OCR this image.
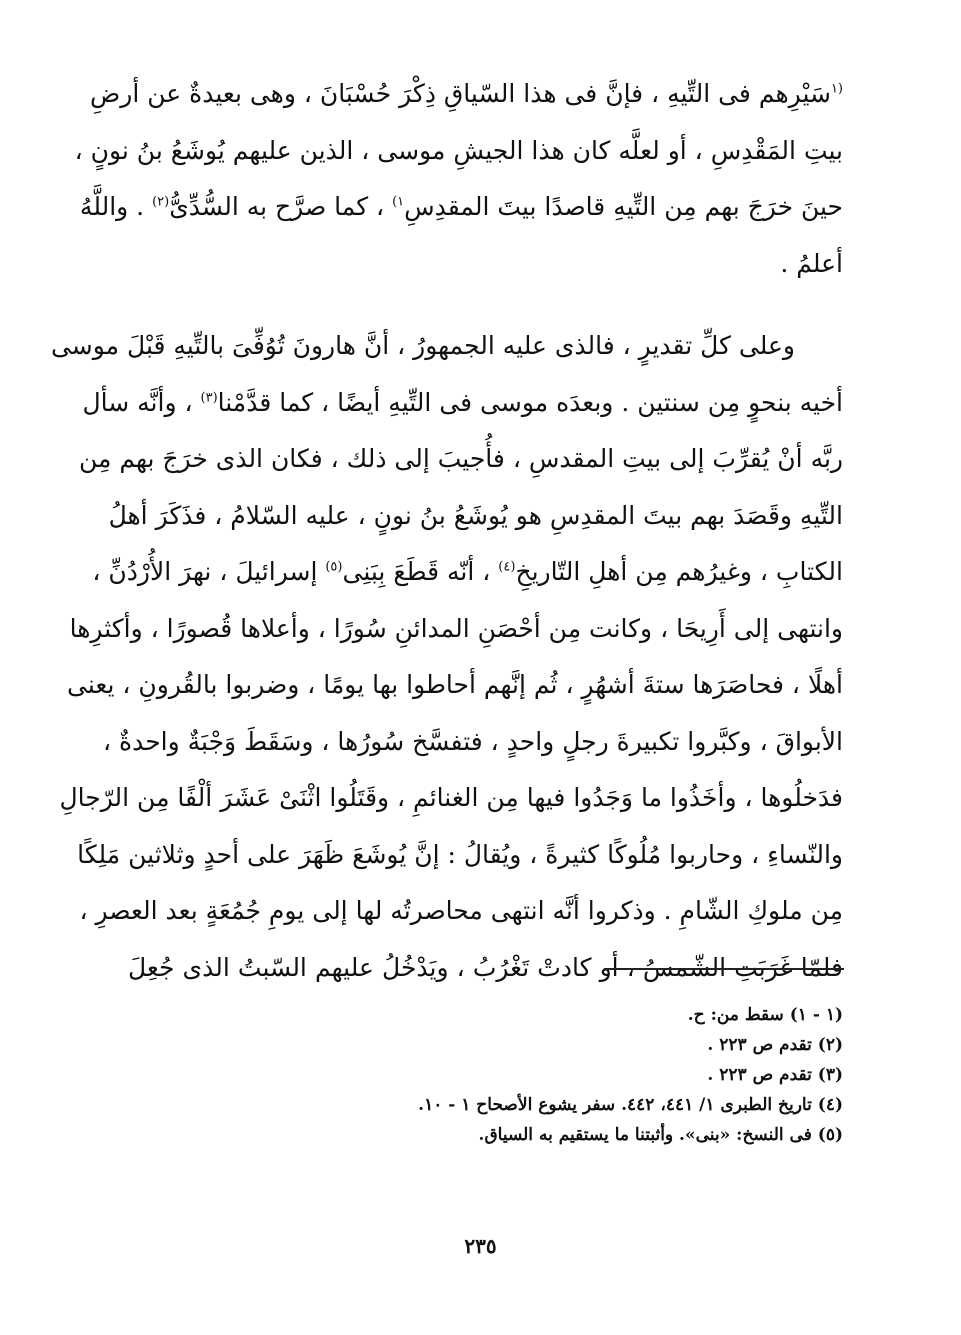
$^{(١}$سَيْرِهم فى التِّيهِ ، فإنَّ فى هذا السّياقِ ذِكْرَ حُسْبَانَ ، وهى بعيدةٌ عن أرضِ
بيتِ المَقْدِسِ ، أو لعلَّه كان هذا الجيشِ موسى ، الذين عليهم يُوشَعُ بنُ نونٍ ،
حينَ خرَجَ بهم مِن التِّيهِ قاصدًا بيتَ المقدِسِ$^{١)}$ ، كما صرَّح به السُّدِّىُّ$^{(٢)}$ . واللَّهُ
أعلمُ .
وعلى كلِّ تقديرٍ ، فالذى عليه الجمهورُ ، أنَّ هارونَ تُوُفِّىَ بالتِّيهِ قَبْلَ موسى
أخيه بنحوٍ مِن سنتين . وبعدَه موسى فى التِّيهِ أيضًا ، كما قدَّمْنا$^{(٣)}$ ، وأنَّه سأل
ربَّه أنْ يُقرِّبَ إلى بيتِ المقدسِ ، فأُجيبَ إلى ذلك ، فكان الذى خرَجَ بهم مِن
التِّيهِ وقَصَدَ بهم بيتَ المقدِسِ هو يُوشَعُ بنُ نونٍ ، عليه السّلامُ ، فذَكَرَ أهلُ
الكتابِ ، وغيرُهم مِن أهلِ التّاريخِ$^{(٤)}$ ، أنّه قَطَعَ بِبَنِى$^{(٥)}$ إسرائيلَ ، نهرَ الأُرْدُنِّ ،
وانتهى إلى أَرِيحَا ، وكانت مِن أحْصَنِ المدائنِ سُورًا ، وأعلاها قُصورًا ، وأكثرِها
أهلًا ، فحاصَرَها ستةَ أشهُرٍ ، ثُم إنَّهم أحاطوا بها يومًا ، وضربوا بالقُرونِ ، يعنى
الأبواقَ ، وكبَّروا تكبيرةَ رجلٍ واحدٍ ، فتفسَّخ سُورُها ، وسَقَطَ وَجْبَةٌ واحدةٌ ،
فدَخلُوها ، وأخَذُوا ما وَجَدُوا فيها مِن الغنائمِ ، وقَتَلُوا اثْنَىْ عَشَرَ ألْفًا مِن الرّجالِ
والنّساءِ ، وحاربوا مُلُوكًا كثيرةً ، ويُقالُ : إنَّ يُوشَعَ ظَهَرَ على أحدٍ وثلاثين مَلِكًا
مِن ملوكِ الشّامِ . وذكروا أنَّه انتهى محاصرتُه لها إلى يومِ جُمُعَةٍ بعد العصرِ ،
فلمّا غَرَبَتِ الشّمسُ ، أو كادتْ تَغْرُبُ ، ويَدْخُلُ عليهم السّبتُ الذى جُعِلَ
(١ - ١) سقط من: ح.
(٢) تقدم ص ٢٢٣ .
(٣) تقدم ص ٢٢٣ .
(٤) تاريخ الطبرى ١/ ٤٤١، ٤٤٢. سفر يشوع الأصحاح ١ - ١٠.
(٥) فى النسخ: «بنى». وأثبتنا ما يستقيم به السياق.
٢٣٥
